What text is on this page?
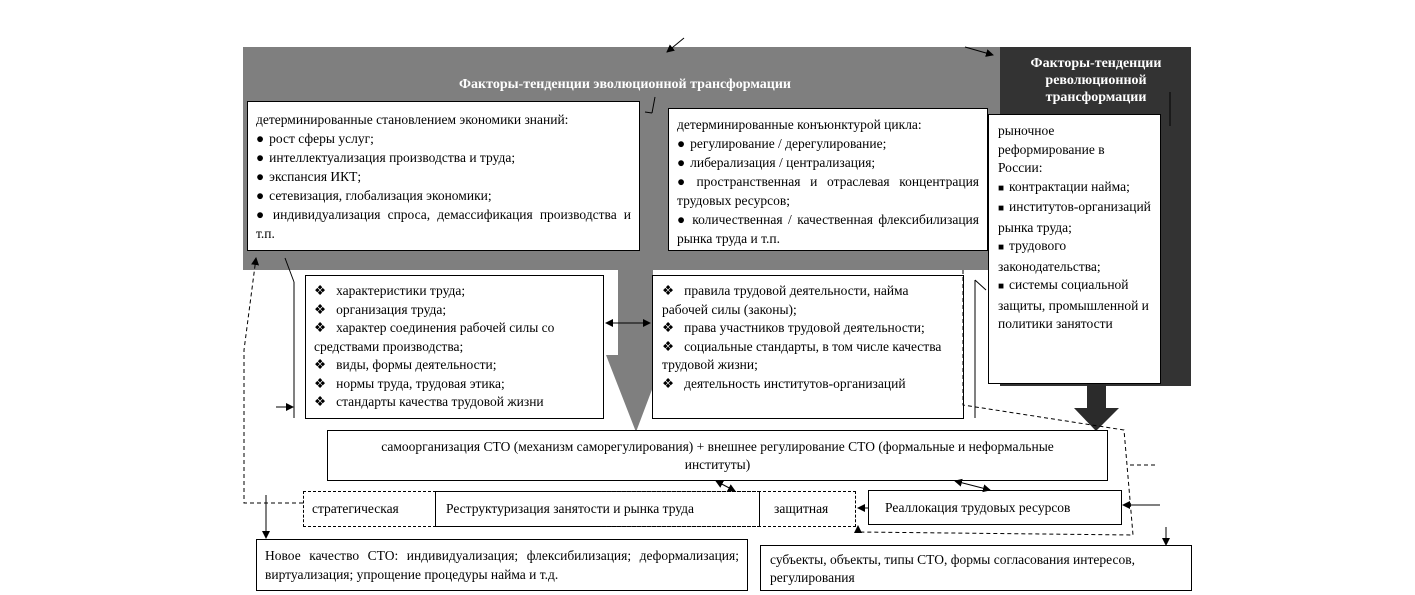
Факторы-тенденции эволюционной трансформации
Факторы-тенденции революционной трансформации
детерминированные становлением экономики знаний:
● рост сферы услуг;
● интеллектуализация производства и труда;
● экспансия ИКТ;
● сетевизация, глобализация экономики;
● индивидуализация спроса, демассификация производства и т.п.
детерминированные конъюнктурой цикла:
● регулирование / дерегулирование;
● либерализация / централизация;
● пространственная и отраслевая концентрация трудовых ресурсов;
● количественная / качественная флексибилизация рынка труда и т.п.
рыночное реформирование в России:
■ контрактации найма;
■ институтов-организаций рынка труда;
■ трудового законодательства;
■ системы социальной защиты, промышленной и политики занятости
❖ характеристики труда;
❖ организация труда;
❖ характер соединения рабочей силы со средствами производства;
❖ виды, формы деятельности;
❖ нормы труда, трудовая этика;
❖ стандарты качества трудовой жизни
❖ правила трудовой деятельности, найма рабочей силы (законы);
❖ права участников трудовой деятельности;
❖ социальные стандарты, в том числе качества трудовой жизни;
❖ деятельность институтов-организаций
самоорганизация СТО (механизм саморегулирования) + внешнее регулирование СТО (формальные и неформальные институты)
стратегическая	Реструктуризация занятости и рынка труда	защитная	Реаллокация трудовых ресурсов
Новое качество СТО: индивидуализация; флексибилизация; деформализация; виртуализация; упрощение процедуры найма и т.д.
субъекты, объекты, типы СТО, формы согласования интересов, регулирования
